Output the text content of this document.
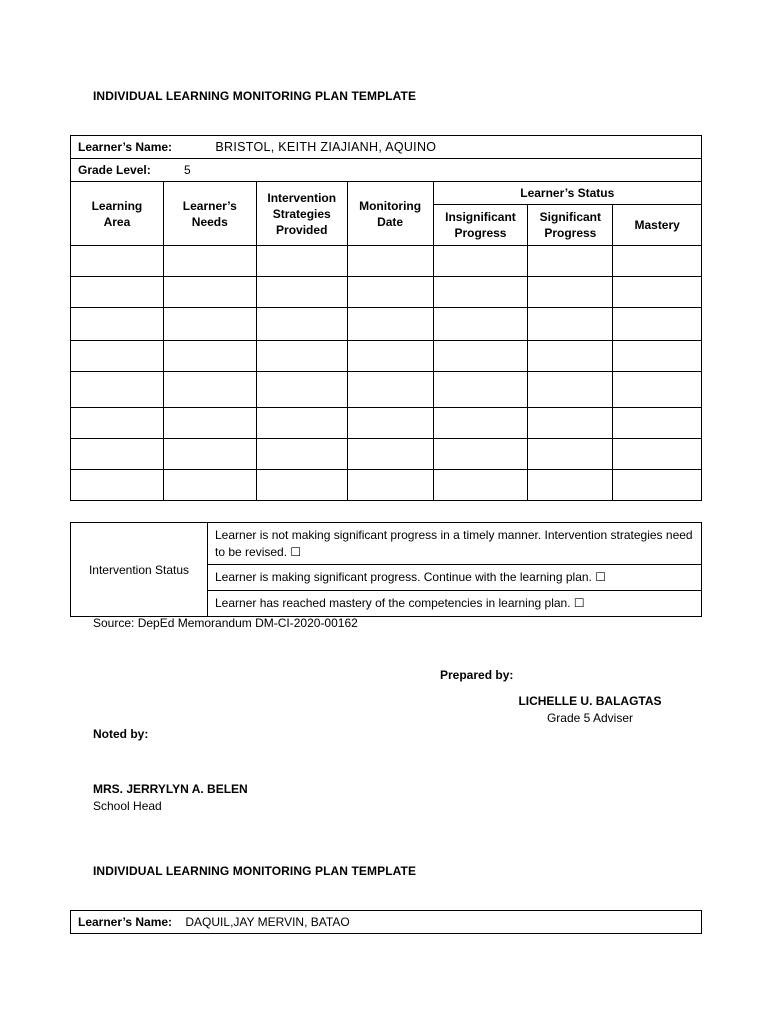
INDIVIDUAL LEARNING MONITORING PLAN TEMPLATE
Learner’s Name: BRISTOL, KEITH ZIAJIANH, AQUINO						
Grade Level: 5						
Learning Area	Learner’s Needs	Intervention Strategies Provided	Monitoring Date	Learner’s Status		
				Insignificant Progress	Significant Progress	Mastery

Intervention Status	Learner is not making significant progress in a timely manner. Intervention strategies need to be revised. ☐
Learner is making significant progress. Continue with the learning plan. ☐
Learner has reached mastery of the competencies in learning plan. ☐
Source: DepEd Memorandum DM-CI-2020-00162
Prepared by:
LICHELLE U. BALAGTAS
Grade 5 Adviser
Noted by:
MRS. JERRYLYN A. BELEN
School Head
INDIVIDUAL LEARNING MONITORING PLAN TEMPLATE
Learner’s Name: DAQUIL,JAY MERVIN, BATAO
